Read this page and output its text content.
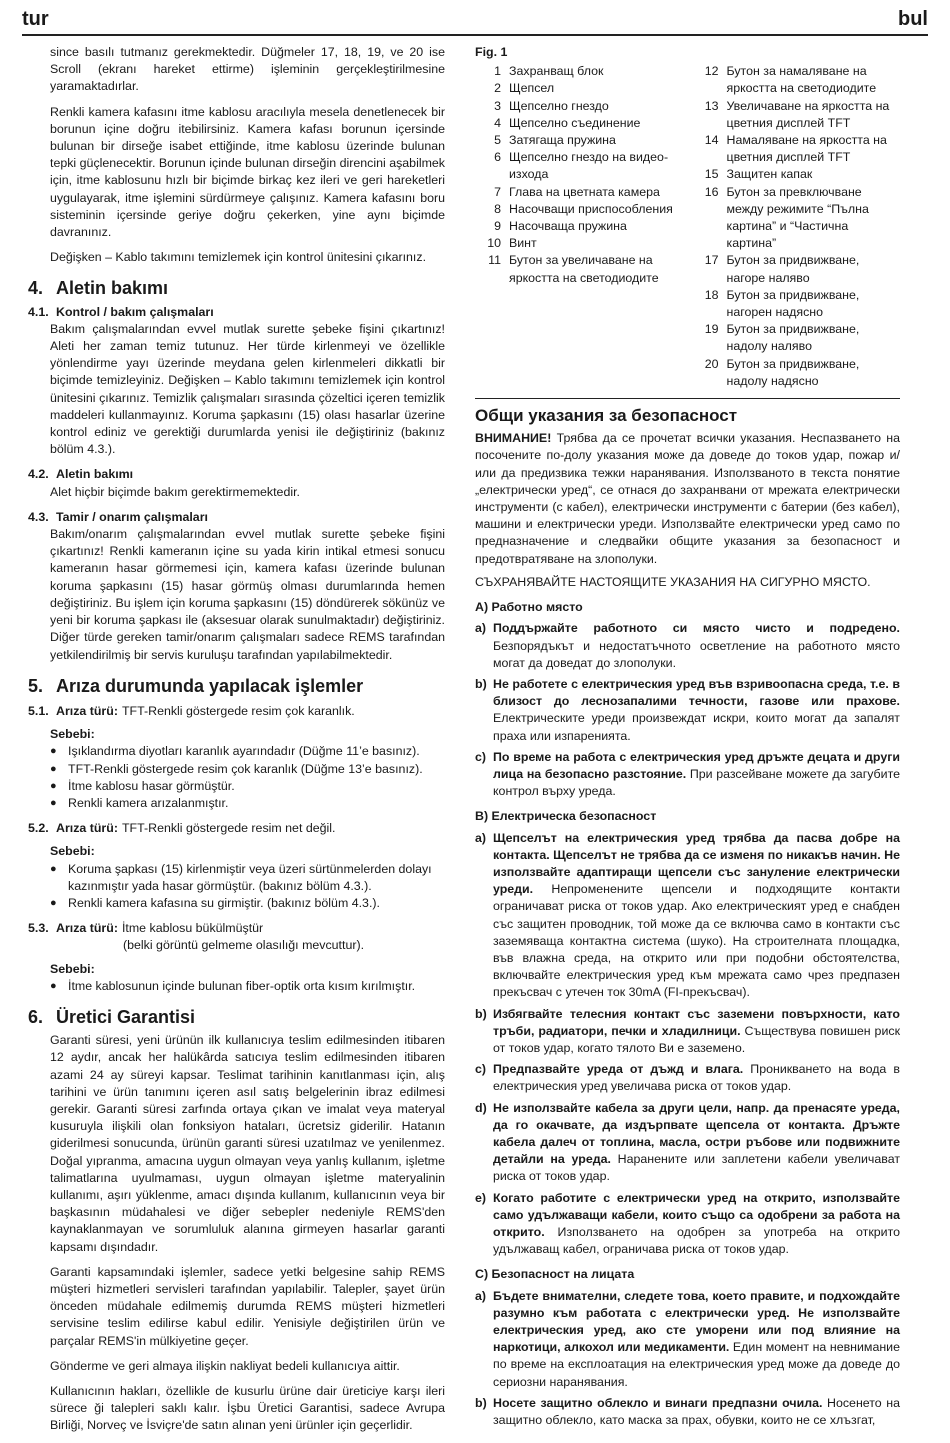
tur	bul

since basılı tutmanız gerekmektedir. Düğmeler 17, 18, 19, ve 20 ise Scroll (ekranı hareket ettirme) işleminin gerçekleştirilmesine yaramaktadırlar.

Renkli kamera kafasını itme kablosu aracılıyla mesela denetlenecek bir borunun içine doğru itebilirsiniz. Kamera kafası borunun içersinde bulunan bir dirseğe isabet ettiğinde, itme kablosu üzerinde bulunan tepki güçlenecektir. Borunun içinde bulunan dirseğin direncini aşabilmek için, itme kablosunu hızlı bir biçimde birkaç kez ileri ve geri hareketleri uygulayarak, itme işlemini sürdürmeye çalışınız. Kamera kafasını boru sisteminin içersinde geriye doğru çekerken, yine aynı biçimde davranınız.

Değişken – Kablo takımını temizlemek için kontrol ünitesini çıkarınız.

4. Aletin bakımı
4.1. Kontrol / bakım çalışmaları

Bakım çalışmalarından evvel mutlak surette şebeke fişini çıkartınız! Aleti her zaman temiz tutunuz. Her türde kirlenmeyi ve özellikle yönlendirme yayı üzerinde meydana gelen kirlenmeleri dikkatli bir biçimde temizleyiniz. Değişken – Kablo takımını temizlemek için kontrol ünitesini çıkarınız. Temizlik çalışmaları sırasında çözeltici içeren temizlik maddeleri kullanmayınız. Koruma şapkasını (15) olası hasarlar üzerine kontrol ediniz ve gerektiği durumlarda yenisi ile değiştiriniz (bakınız bölüm 4.3.).

4.2. Aletin bakımı

Alet hiçbir biçimde bakım gerektirmemektedir.

4.3. Tamir / onarım çalışmaları

Bakım/onarım çalışmalarından evvel mutlak surette şebeke fişini çıkartınız! Renkli kameranın içine su yada kirin intikal etmesi sonucu kameranın hasar görmemesi için, kamera kafası üzerinde bulunan koruma şapkasını (15) hasar görmüş olması durumlarında hemen değiştiriniz. Bu işlem için koruma şapkasını (15) döndürerek sökünüz ve yeni bir koruma şapkası ile (aksesuar olarak sunulmaktadır) değiştiriniz. Diğer türde gereken tamir/onarım çalışmaları sadece REMS tarafından yetkilendirilmiş bir servis kuruluşu tarafından yapılabilmektedir.

5. Arıza durumunda yapılacak işlemler
5.1. Arıza türü: TFT-Renkli göstergede resim çok karanlık.
Sebebi:
● Işıklandırma diyotları karanlık ayarındadır (Düğme 11’e basınız).
● TFT-Renkli göstergede resim çok karanlık (Düğme 13’e basınız).
● İtme kablosu hasar görmüştür.
● Renkli kamera arızalanmıştır.
5.2. Arıza türü: TFT-Renkli göstergede resim net değil.
Sebebi:
● Koruma şapkası (15) kirlenmiştir veya üzeri sürtünmelerden dolayı kazınmıştır yada hasar görmüştür. (bakınız bölüm 4.3.).
● Renkli kamera kafasına su girmiştir. (bakınız bölüm 4.3.).
5.3. Arıza türü: İtme kablosu bükülmüştür
(belki görüntü gelmeme olasılığı mevcuttur).
Sebebi:
● İtme kablosunun içinde bulunan fiber-optik orta kısım kırılmıştır.
6. Üretici Garantisi

Garanti süresi, yeni ürünün ilk kullanıcıya teslim edilmesinden itibaren 12 aydır, ancak her halükârda satıcıya teslim edilmesinden itibaren azami 24 ay süreyi kapsar. Teslimat tarihinin kanıtlanması için, alış tarihini ve ürün tanımını içeren asıl satış belgelerinin ibraz edilmesi gerekir. Garanti süresi zarfında ortaya çıkan ve imalat veya materyal kusuruyla ilişkili olan fonksiyon hataları, ücretsiz giderilir. Hatanın giderilmesi sonucunda, ürünün garanti süresi uzatılmaz ve yenilenmez. Doğal yıpranma, amacına uygun olmayan veya yanlış kullanım, işletme talimatlarına uyulmaması, uygun olmayan işletme materyalinin kullanımı, aşırı yüklenme, amacı dışında kullanım, kullanıcının veya bir başkasının müdahalesi ve diğer sebepler nedeniyle REMS'den kaynaklanmayan ve sorumluluk alanına girmeyen hasarlar garanti kapsamı dışındadır.

Garanti kapsamındaki işlemler, sadece yetki belgesine sahip REMS müşteri hizmetleri servisleri tarafından yapılabilir. Talepler, şayet ürün önceden müdahale edilmemiş durumda REMS müşteri hizmetleri servisine teslim edilirse kabul edilir. Yenisiyle değiştirilen ürün ve parçalar REMS'in mülkiyetine geçer.

Gönderme ve geri almaya ilişkin nakliyat bedeli kullanıcıya aittir.

Kullanıcının hakları, özellikle de kusurlu ürüne dair üreticiye karşı ileri sürece ği talepleri saklı kalır. İşbu Üretici Garantisi, sadece Avrupa Birliği, Norveç ve İsviçre'de satın alınan yeni ürünler için geçerlidir.

Fig. 1
1 Захранващ блок
2 Щепсел
3 Щепселно гнездо
4 Щепселно съединение
5 Затягаща пружина
6 Щепселно гнездо на видео-изхода
7 Глава на цветната камера
8 Насочващи приспособления
9 Насочваща пружина
10 Винт
11 Бутон за увеличаване на яркостта на светодиодите
12 Бутон за намаляване на яркостта на светодиодите
13 Увеличаване на яркостта на цветния дисплей TFT
14 Намаляване на яркостта на цветния дисплей TFT
15 Защитен капак
16 Бутон за превключване между режимите “Пълна картина” и “Частична картина”
17 Бутон за придвижване, нагоре наляво
18 Бутон за придвижване, нагорен надясно
19 Бутон за придвижване, надолу наляво
20 Бутон за придвижване, надолу надясно
Общи указания за безопасност

ВНИМАНИЕ! Трябва да се прочетат всички указания. Неспазването на посочените по-долу указания може да доведе до токов удар, пожар и/или да предизвика тежки наранявания. Използваното в текста понятие „електрически уред“, се отнася до захранвани от мрежата електрически инструменти (с кабел), електрически инструменти с батерии (без кабел), машини и електрически уреди. Използвайте електрически уред само по предназначение и следвайки общите указания за безопасност и предотвратяване на злополуки.

СЪХРАНЯВАЙТЕ НАСТОЯЩИТЕ УКАЗАНИЯ НА СИГУРНО МЯСТО.

A) Работно място
a) Поддържайте работното си място чисто и подредено. Безпорядъкът и недостатъчното осветление на работното място могат да доведат до злополуки.
b) Не работете с електрическия уред във взривоопасна среда, т.е. в близост до леснозапалими течности, газове или прахове. Електрическите уреди произвеждат искри, които могат да запалят праха или изпаренията.
c) По време на работа с електрическия уред дръжте децата и други лица на безопасно разстояние. При разсейване можете да загубите контрол върху уреда.
B) Електрическа безопасност
a) Щепселът на електрическия уред трябва да пасва добре на контакта. Щепселът не трябва да се изменя по никакъв начин. Не използвайте адаптиращи щепсели със зануление електрически уреди. Непроменените щепсели и подходящите контакти ограничават риска от токов удар. Ако електрическият уред е снабден със защитен проводник, той може да се включва само в контакти със заземяваща контактна система (шуко). На строителната площадка, във влажна среда, на открито или при подобни обстоятелства, включвайте електрическия уред към мрежата само чрез предпазен прекъсвач с утечен ток 30mA (FI-прекъсвач).
b) Избягвайте телесния контакт със заземени повърхности, като тръби, радиатори, печки и хладилници. Съществува повишен риск от токов удар, когато тялото Ви е заземено.
c) Предпазвайте уреда от дъжд и влага. Проникването на вода в електрическия уред увеличава риска от токов удар.
d) Не използвайте кабела за други цели, напр. да пренасяте уреда, да го окачвате, да издърпвате щепсела от контакта. Дръжте кабела далеч от топлина, масла, остри ръбове или подвижните детайли на уреда. Наранените или заплетени кабели увеличават риска от токов удар.
e) Когато работите с електрически уред на открито, използвайте само удължаващи кабели, които също са одобрени за работа на открито. Използването на одобрен за употреба на открито удължаващ кабел, ограничава риска от токов удар.
C) Безопасност на лицата
a) Бъдете внимателни, следете това, което правите, и подхождайте разумно към работата с електрически уред. Не използвайте електрическия уред, ако сте уморени или под влияние на наркотици, алкохол или медикаменти. Един момент на невнимание по време на експлоатация на електрическия уред може да доведе до сериозни наранявания.
b) Носете защитно облекло и винаги предпазни очила. Носенето на защитно облекло, като маска за прах, обувки, които не се хлъзгат,
